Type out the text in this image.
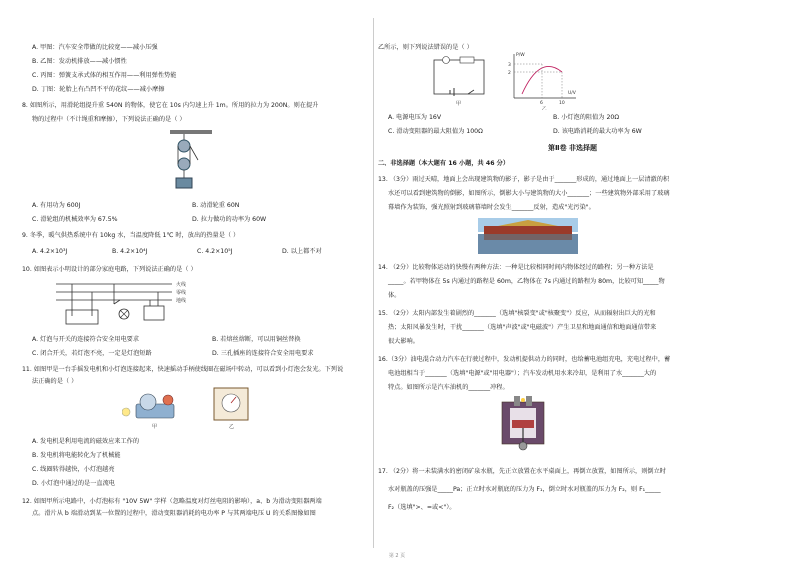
A. 甲图：汽车安全带做的比较宽——减小压强
B. 乙图：发动机排放——减小惯性
C. 丙图：弹簧支承式体的相互作用——利用弹性势能
D. 丁图：轮胎上有凸凹不平的花纹——减小摩擦
8. 如图所示，用滑轮组提升重 540N 的物体，使它在 10s 内匀速上升 1m。所用的拉力为 200N。则在提升
物的过程中（不计绳重和摩擦），下列说法正确的是（ ）
A. 有用功为 600J	B. 动滑轮重 60N
C. 滑轮组的机械效率为 67.5%	D. 拉力做功的功率为 60W
9. 冬季，暖气供热系统中有 10kg 水，当温度降低 1℃ 时，放出的热量是（ ）
A. 4.2×10³J	B. 4.2×10⁴J	C. 4.2×10⁵J	D. 以上都不对
10. 如图表示小明设计的部分家庭电路，下列说法正确的是（ ）
火线
零线
地线
A. 灯泡与开关的连接符合安全用电要求	B. 若熔丝熔断，可以用铜丝替换
C. 闭合开关，若灯泡不亮，一定是灯泡短路	D. 三孔插座的连接符合安全用电要求
11. 如图甲是一台手摇发电机和小灯泡连接起来，快速摇动手柄使线圈在磁场中转动，可以看到小灯泡会发光。下列说
法正确的是（ ）
甲	乙
A. 发电机是利用电流的磁效应来工作的
B. 发电机将电能转化为了机械能
C. 线圈转得越快，小灯泡越亮
D. 小灯泡中通过的是一直流电
12. 如图甲所示电路中，小灯泡标有 "10V 5W" 字样（忽略温度对灯丝电阻的影响），a、b 为滑动变阻器两端
点。滑片从 b 端滑动到某一位置的过程中，滑动变阻器消耗的电功率 P 与其两端电压 U 的关系图像如图
乙所示，则下列说法错误的是（ ）
甲
P/W
U/V
3
2
6	10
乙
A. 电源电压为 16V	B. 小灯泡的阻值为 20Ω
C. 滑动变阻器的最大阻值为 100Ω	D. 该电路消耗的最大功率为 6W
第Ⅱ卷 非选择题
二、非选择题（本大题有 16 小题，共 46 分）
13. （3分）雨过天晴，地面上会出现建筑物的影子，影子是由于_______形成的，通过地面上一层清澈的积
水还可以看到建筑物的倒影，如图所示，倒影大小与建筑物的大小_______；一些建筑物外部采用了玻璃
幕墙作为装饰，强光照射到玻璃幕墙时会发生_______反射，造成"光污染"。
14. （2分）比较物体运动的快慢有两种方法：一种是比较相同时间内物体经过的路程；另一种方法是
_____。若甲物体在 5s 内通过的路程是 60m，乙物体在 7s 内通过的路程为 80m，比较可知_____物
体。
15. （2分）太阳内部发生着剧烈的_______（选填"核裂变"或"核聚变"）反应，从而辐射出巨大的光和
热；太阳风暴发生时，干扰_______（选填"声波"或"电磁波"）产生卫星和地面通信和地面通信带来
很大影响。
16.（3分）油电混合动力汽车在行驶过程中，发动机提供动力的同时，也给蓄电池组充电，充电过程中，蓄
电池组相当于_______（选填"电源"或"用电器"）；汽车发动机用水来冷却，是利用了水_______大的
特点。如图所示是汽车油机的_______冲程。
17. （2分）将一未装满水的密闭矿泉水瓶，先正立放置在水平桌面上，再倒立放置，如图所示，则倒立时
水对瓶盖的压强是_____Pa；正立时水对瓶底的压力为 F₁，倒立时水对瓶盖的压力为 F₂，则 F₁_____
F₂（选填">、=或<"）。
第 2 页
